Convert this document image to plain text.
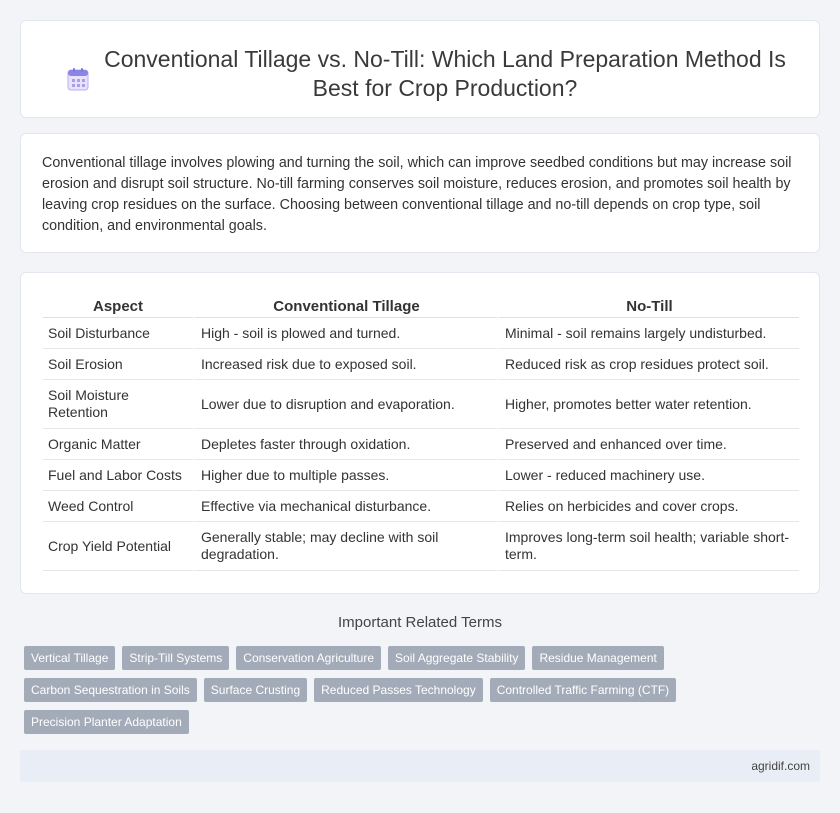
Conventional Tillage vs. No-Till: Which Land Preparation Method Is Best for Crop Production?

Conventional tillage involves plowing and turning the soil, which can improve seedbed conditions but may increase soil erosion and disrupt soil structure. No-till farming conserves soil moisture, reduces erosion, and promotes soil health by leaving crop residues on the surface. Choosing between conventional tillage and no-till depends on crop type, soil condition, and environmental goals.

Aspect	Conventional Tillage	No-Till
Soil Disturbance	High - soil is plowed and turned.	Minimal - soil remains largely undisturbed.
Soil Erosion	Increased risk due to exposed soil.	Reduced risk as crop residues protect soil.
Soil Moisture Retention	Lower due to disruption and evaporation.	Higher, promotes better water retention.
Organic Matter	Depletes faster through oxidation.	Preserved and enhanced over time.
Fuel and Labor Costs	Higher due to multiple passes.	Lower - reduced machinery use.
Weed Control	Effective via mechanical disturbance.	Relies on herbicides and cover crops.
Crop Yield Potential	Generally stable; may decline with soil degradation.	Improves long-term soil health; variable short-term.
Important Related Terms
Vertical Tillage	Strip-Till Systems	Conservation Agriculture	Soil Aggregate Stability	Residue Management
Carbon Sequestration in Soils	Surface Crusting	Reduced Passes Technology	Controlled Traffic Farming (CTF)
Precision Planter Adaptation
agridif.com
